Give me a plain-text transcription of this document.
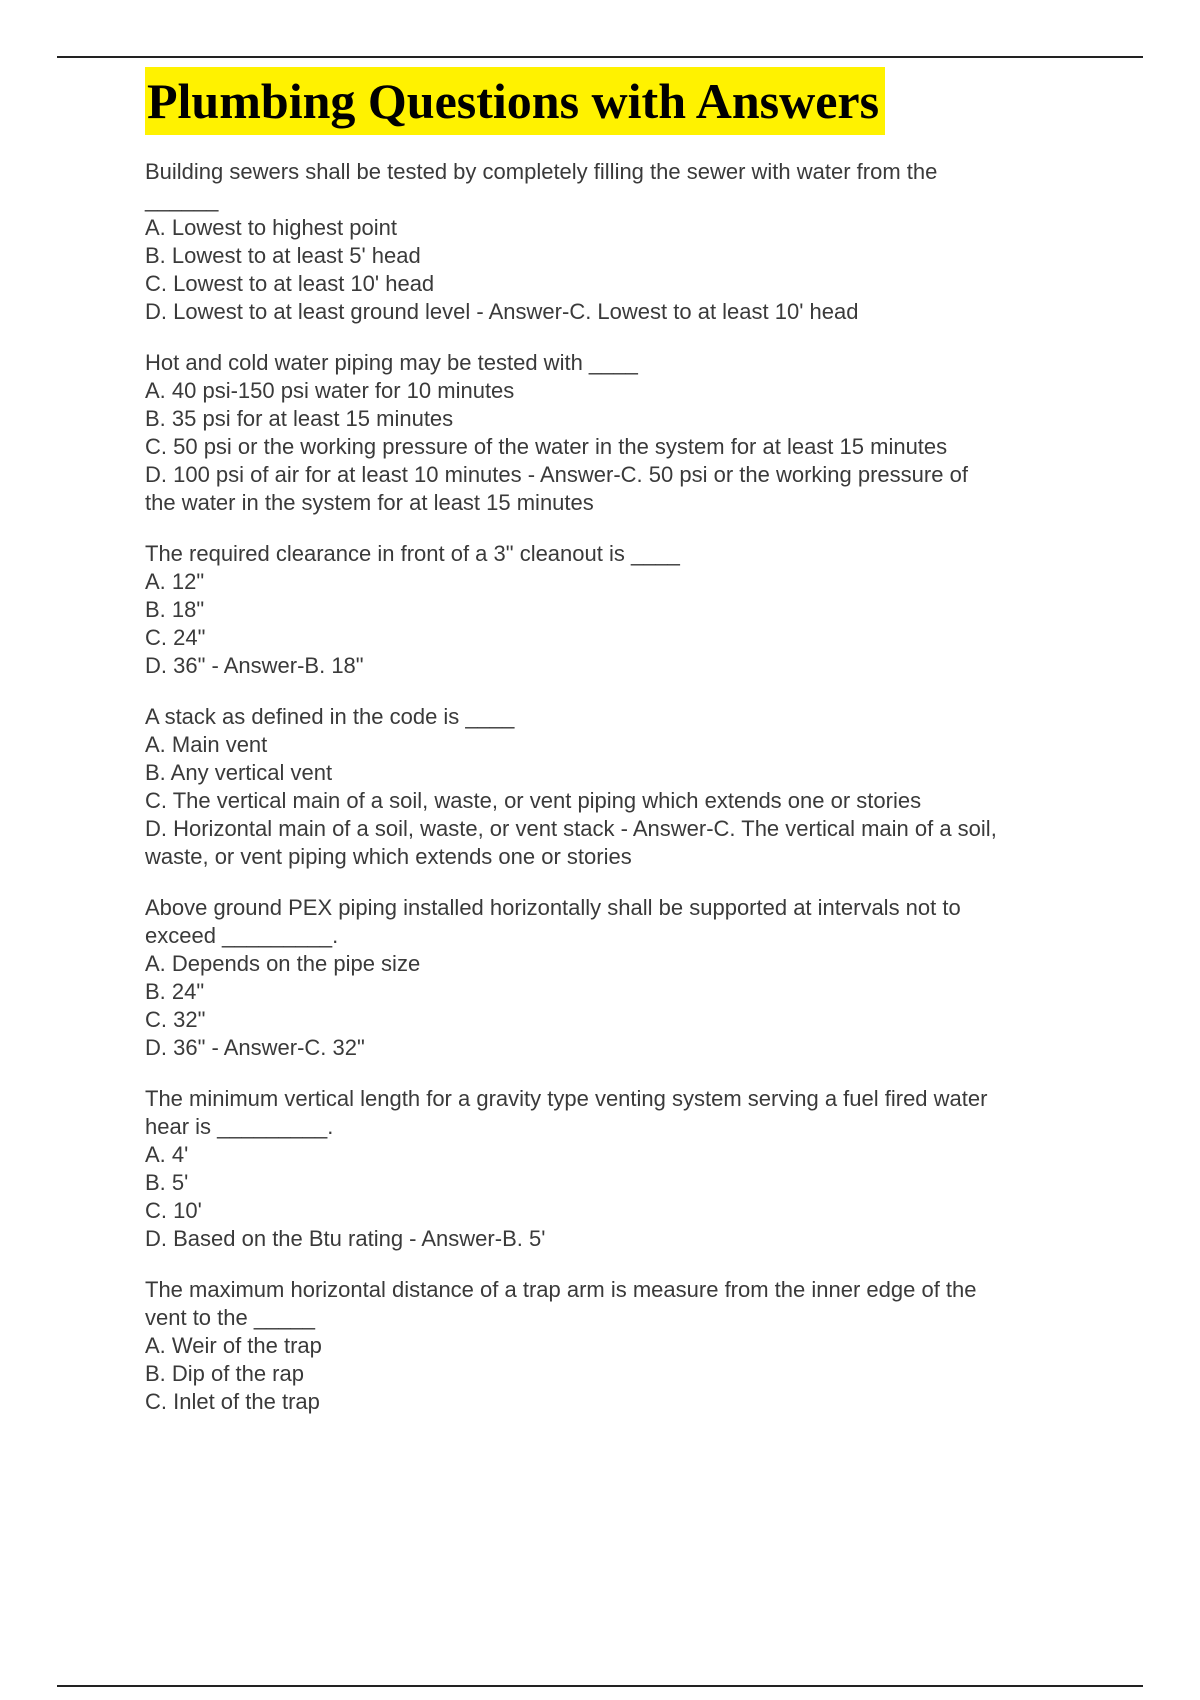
Plumbing Questions with Answers
Building sewers shall be tested by completely filling the sewer with water from the
______
A. Lowest to highest point
B. Lowest to at least 5' head
C. Lowest to at least 10' head
D. Lowest to at least ground level - Answer-C. Lowest to at least 10' head
Hot and cold water piping may be tested with ____
A. 40 psi-150 psi water for 10 minutes
B. 35 psi for at least 15 minutes
C. 50 psi or the working pressure of the water in the system for at least 15 minutes
D. 100 psi of air for at least 10 minutes - Answer-C. 50 psi or the working pressure of
the water in the system for at least 15 minutes
The required clearance in front of a 3" cleanout is ____
A. 12"
B. 18"
C. 24"
D. 36" - Answer-B. 18"
A stack as defined in the code is ____
A. Main vent
B. Any vertical vent
C. The vertical main of a soil, waste, or vent piping which extends one or stories
D. Horizontal main of a soil, waste, or vent stack - Answer-C. The vertical main of a soil,
waste, or vent piping which extends one or stories
Above ground PEX piping installed horizontally shall be supported at intervals not to
exceed _________.
A. Depends on the pipe size
B. 24"
C. 32"
D. 36" - Answer-C. 32"
The minimum vertical length for a gravity type venting system serving a fuel fired water
hear is _________.
A. 4'
B. 5'
C. 10'
D. Based on the Btu rating - Answer-B. 5'
The maximum horizontal distance of a trap arm is measure from the inner edge of the
vent to the _____
A. Weir of the trap
B. Dip of the rap
C. Inlet of the trap
